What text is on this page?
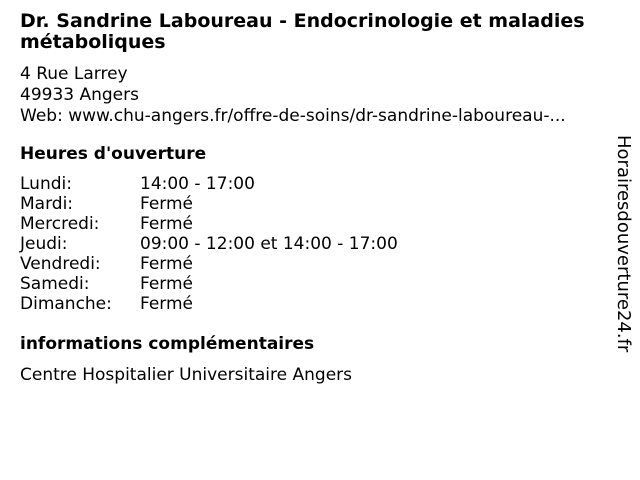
Dr. Sandrine Laboureau - Endocrinologie et maladies métaboliques
4 Rue Larrey
49933 Angers
Web: www.chu-angers.fr/offre-de-soins/dr-sandrine-laboureau-...
Heures d'ouverture
Lundi:	14:00 - 17:00
Mardi:	Fermé
Mercredi:	Fermé
Jeudi:	09:00 - 12:00 et 14:00 - 17:00
Vendredi:	Fermé
Samedi:	Fermé
Dimanche:	Fermé
informations complémentaires
Centre Hospitalier Universitaire Angers
Horairesdouverture24.fr
